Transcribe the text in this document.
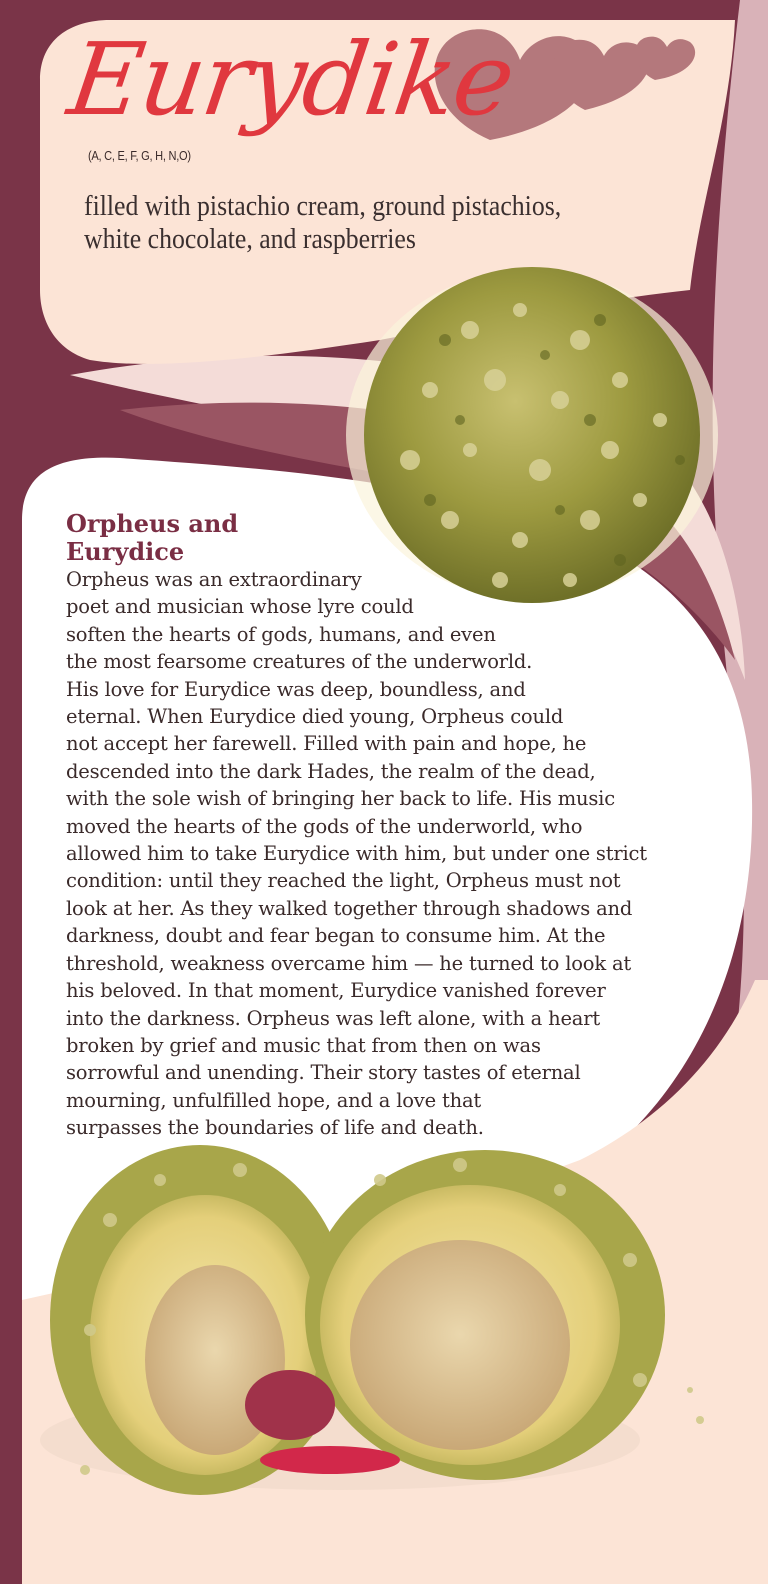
Eurydike
(A, C, E, F, G, H, N,O)
filled with pistachio cream, ground pistachios,
white chocolate, and raspberries
Orpheus and
Eurydice
Orpheus was an extraordinary
poet and musician whose lyre could
soften the hearts of gods, humans, and even
the most fearsome creatures of the underworld.
His love for Eurydice was deep, boundless, and
eternal. When Eurydice died young, Orpheus could
not accept her farewell. Filled with pain and hope, he
descended into the dark Hades, the realm of the dead,
with the sole wish of bringing her back to life. His music
moved the hearts of the gods of the underworld, who
allowed him to take Eurydice with him, but under one strict
condition: until they reached the light, Orpheus must not
look at her. As they walked together through shadows and
darkness, doubt and fear began to consume him. At the
threshold, weakness overcame him — he turned to look at
his beloved. In that moment, Eurydice vanished forever
into the darkness. Orpheus was left alone, with a heart
broken by grief and music that from then on was
sorrowful and unending. Their story tastes of eternal
mourning, unfulfilled hope, and a love that
surpasses the boundaries of life and death.
